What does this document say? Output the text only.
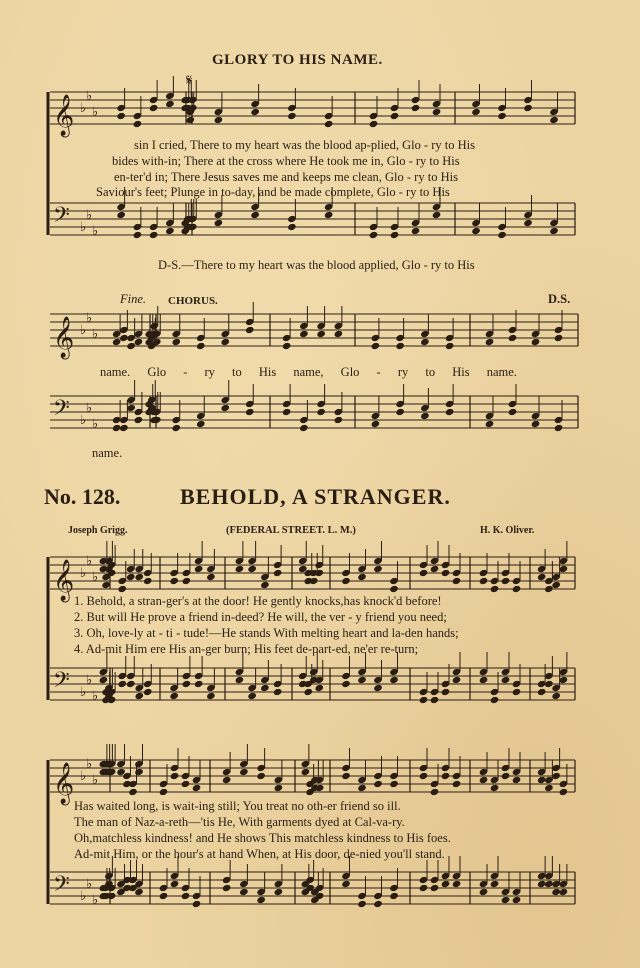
𝄞 ♭
♭
♭
𝄢 ♭
♭
♭
𝄞 ♭
♭
♭
𝄢 ♭
♭
♭
𝄞 ♭
♭
♭
𝄢 ♭
♭
♭
𝄞 ♭
♭
♭
𝄢 ♭
♭
♭
GLORY TO HIS NAME.
𝄋
sin I cried, There to my heart was the blood ap-plied, Glo - ry to His
bides with-in; There at the cross where He took me in, Glo - ry to His
en-ter'd in; There Jesus saves me and keeps me clean, Glo - ry to His
Saviour's feet; Plunge in to-day, and be made complete, Glo - ry to His
D-S.—There to my heart was the blood applied, Glo - ry to His
Fine. CHORUS.	D.S.
name. Glo - ry to His name, Glo - ry to His name.
name.
No. 128.	BEHOLD, A STRANGER.
Joseph Grigg.	(FEDERAL STREET. L. M.)	H. K. Oliver.
1. Behold, a stran-ger's at the door! He gently knocks,has knock'd before!
2. But will He prove a friend in-deed? He will, the ver - y friend you need;
3. Oh, love-ly at - ti - tude!—He stands With melting heart and la-den hands;
4. Ad-mit Him ere His an-ger burn; His feet de-part-ed, ne'er re-turn;
Has waited long, is wait-ing still; You treat no oth-er friend so ill.
The man of Naz-a-reth—'tis He, With garments dyed at Cal-va-ry.
Oh,matchless kindness! and He shows This matchless kindness to His foes.
Ad-mit Him, or the hour's at hand When, at His door, de-nied you'll stand.
